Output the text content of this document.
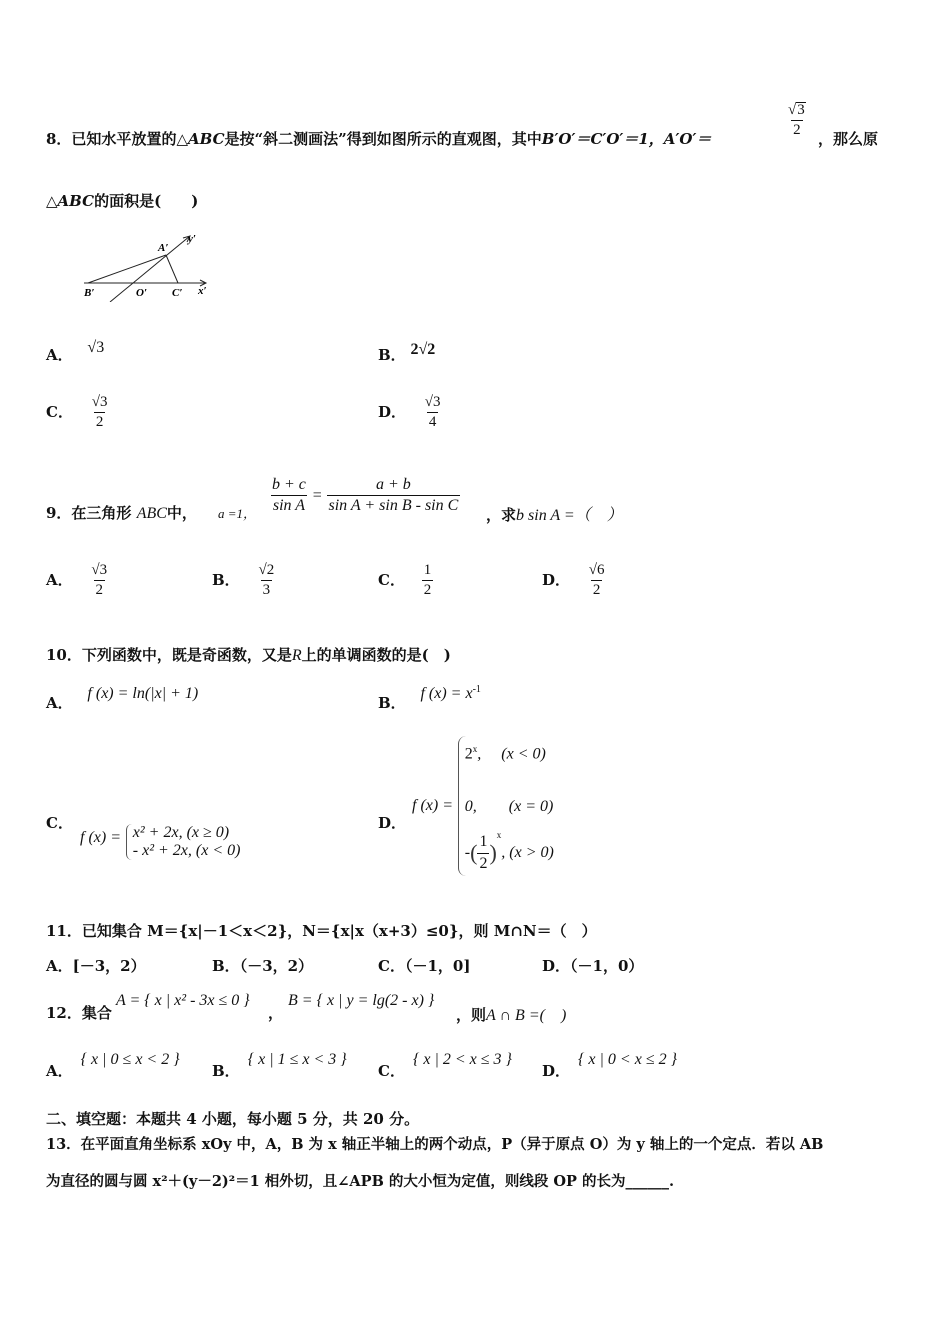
8．已知水平放置的△ABC是按“斜二测画法”得到如图所示的直观图，其中B′O′＝C′O′＝1，A′O′＝	$\frac{√3}{2}$ ，那么原
△ABC的面积是(　　)
A′
y′
B′	O′ C′ x′
A． √3	B． 2√2
C． $\frac{√3}{2}$	D． $\frac{√3}{4}$
9．在三角形 ABC中， a =1， $\frac{b + c}{\text{sin A}} = \frac{a + b}{\text{sin A + sin B - sin C}}$ ，求b sin A =（　）
A． $\frac{√3}{2}$	B． $\frac{√2}{3}$	C． $\frac{1}{2}$	D． $\frac{√6}{2}$
10．下列函数中，既是奇函数，又是R上的单调函数的是(　)
A． f (x) = ln(|x| + 1)
B． f $(x) = x^{-1}$
C．
f (x) = x² + 2x, (x ≥ 0)
- x² + 2x, (x < 0)
D．
f (x) =
2$^x$,　 (x < 0)
0,　　(x = 0)
- ( $\frac{1}{2}$ )
x
, (x > 0)
11．已知集合 M＝{x|－1＜x＜2}，N＝{x|x（x+3）≤0}，则 M∩N＝（　）
A．[－3，2）	B．（－3，2）	C．（－1，0]	D．（－1，0）
12．集合
A = { x | x² - 3x ≤ 0 }
，
B = { x | y = lg(2 - x) }
，则A ∩ B =(　)
A．{ x | 0 ≤ x < 2 }
B．{ x | 1 ≤ x < 3 }
C．{ x | 2 < x ≤ 3 }
D．{ x | 0 < x ≤ 2 }
二、填空题：本题共 4 小题，每小题 5 分，共 20 分。
13．在平面直角坐标系 xOy 中，A，B 为 x 轴正半轴上的两个动点，P（异于原点 O）为 y 轴上的一个定点．若以 AB
为直径的圆与圆 x²＋(y－2)²＝1 相外切，且∠APB 的大小恒为定值，则线段 OP 的长为______.
